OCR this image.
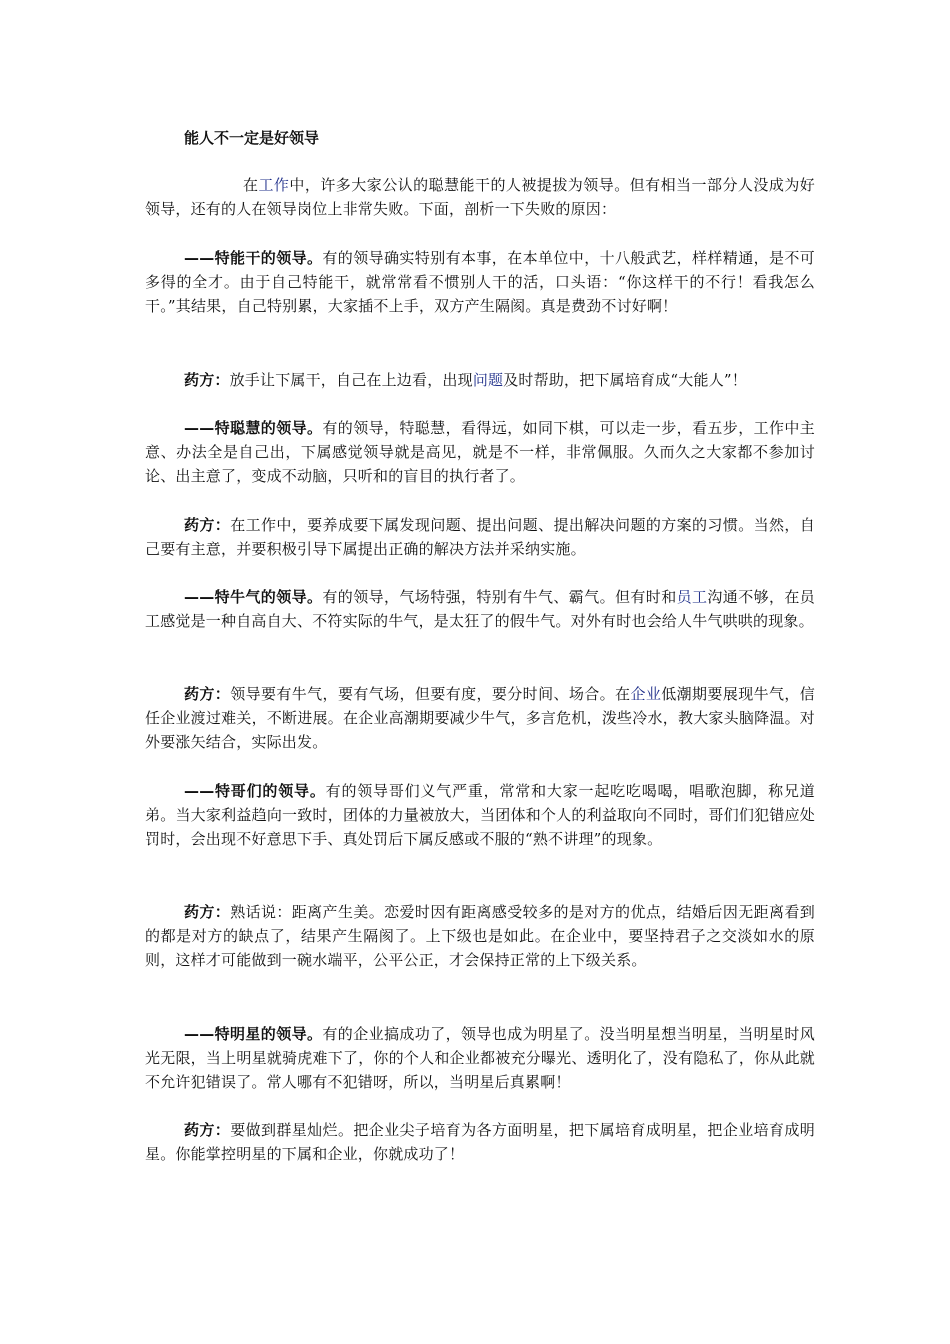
能人不一定是好领导

在工作中，许多大家公认的聪慧能干的人被提拔为领导。但有相当一部分人没成为好领导，还有的人在领导岗位上非常失败。下面，剖析一下失败的原因：

——特能干的领导。有的领导确实特别有本事，在本单位中，十八般武艺，样样精通，是不可多得的全才。由于自己特能干，就常常看不惯别人干的活，口头语：“你这样干的不行！看我怎么干。”其结果，自己特别累，大家插不上手，双方产生隔阂。真是费劲不讨好啊！

药方：放手让下属干，自己在上边看，出现问题及时帮助，把下属培育成“大能人”！

——特聪慧的领导。有的领导，特聪慧，看得远，如同下棋，可以走一步，看五步，工作中主意、办法全是自己出，下属感觉领导就是高见，就是不一样，非常佩服。久而久之大家都不参加讨论、出主意了，变成不动脑，只听和的盲目的执行者了。

药方：在工作中，要养成要下属发现问题、提出问题、提出解决问题的方案的习惯。当然，自己要有主意，并要积极引导下属提出正确的解决方法并采纳实施。

——特牛气的领导。有的领导，气场特强，特别有牛气、霸气。但有时和员工沟通不够，在员工感觉是一种自高自大、不符实际的牛气，是太狂了的假牛气。对外有时也会给人牛气哄哄的现象。

药方：领导要有牛气，要有气场，但要有度，要分时间、场合。在企业低潮期要展现牛气，信任企业渡过难关，不断进展。在企业高潮期要减少牛气，多言危机，泼些冷水，教大家头脑降温。对外要涨矢结合，实际出发。

——特哥们的领导。有的领导哥们义气严重，常常和大家一起吃吃喝喝，唱歌泡脚，称兄道弟。当大家利益趋向一致时，团体的力量被放大，当团体和个人的利益取向不同时，哥们们犯错应处罚时，会出现不好意思下手、真处罚后下属反感或不服的“熟不讲理”的现象。

药方：熟话说：距离产生美。恋爱时因有距离感受较多的是对方的优点，结婚后因无距离看到的都是对方的缺点了，结果产生隔阂了。上下级也是如此。在企业中，要坚持君子之交淡如水的原则，这样才可能做到一碗水端平，公平公正，才会保持正常的上下级关系。

——特明星的领导。有的企业搞成功了，领导也成为明星了。没当明星想当明星，当明星时风光无限，当上明星就骑虎难下了，你的个人和企业都被充分曝光、透明化了，没有隐私了，你从此就不允许犯错误了。常人哪有不犯错呀，所以，当明星后真累啊！

药方：要做到群星灿烂。把企业尖子培育为各方面明星，把下属培育成明星，把企业培育成明星。你能掌控明星的下属和企业，你就成功了！
